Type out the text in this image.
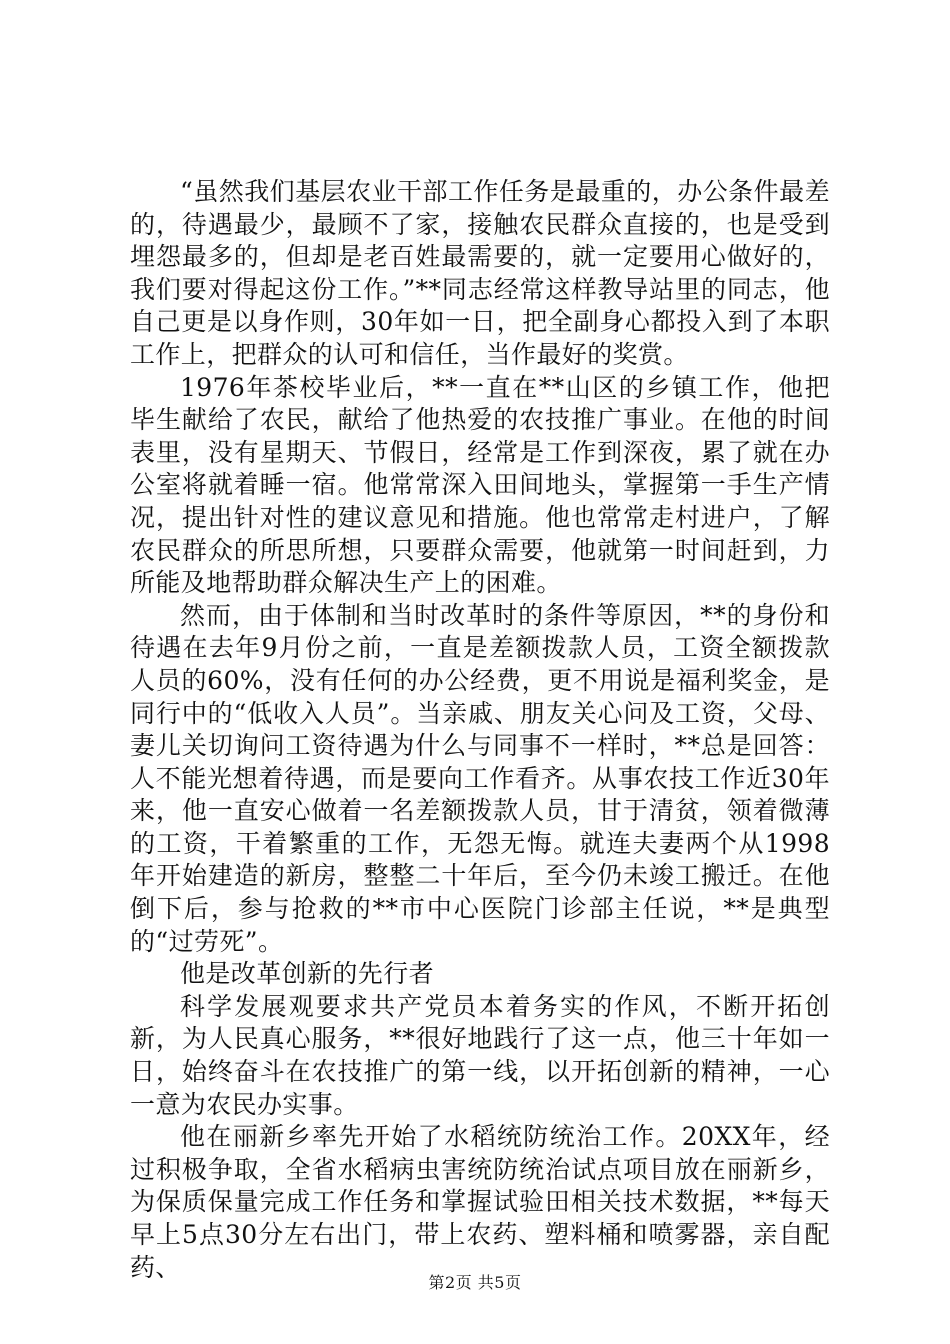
“虽然我们基层农业干部工作任务是最重的，办公条件最差的，待遇最少，最顾不了家，接触农民群众直接的，也是受到埋怨最多的，但却是老百姓最需要的，就一定要用心做好的，我们要对得起这份工作。”**同志经常这样教导站里的同志，他自己更是以身作则，30年如一日，把全副身心都投入到了本职工作上，把群众的认可和信任，当作最好的奖赏。

1976年茶校毕业后，**一直在**山区的乡镇工作，他把毕生献给了农民，献给了他热爱的农技推广事业。在他的时间表里，没有星期天、节假日，经常是工作到深夜，累了就在办公室将就着睡一宿。他常常深入田间地头，掌握第一手生产情况，提出针对性的建议意见和措施。他也常常走村进户，了解农民群众的所思所想，只要群众需要，他就第一时间赶到，力所能及地帮助群众解决生产上的困难。

然而，由于体制和当时改革时的条件等原因，**的身份和待遇在去年9月份之前，一直是差额拨款人员，工资全额拨款人员的60%，没有任何的办公经费，更不用说是福利奖金，是同行中的“低收入人员”。当亲戚、朋友关心问及工资，父母、妻儿关切询问工资待遇为什么与同事不一样时，**总是回答：人不能光想着待遇，而是要向工作看齐。从事农技工作近30年来，他一直安心做着一名差额拨款人员，甘于清贫，领着微薄的工资，干着繁重的工作，无怨无悔。就连夫妻两个从1998年开始建造的新房，整整二十年后，至今仍未竣工搬迁。在他倒下后，参与抢救的**市中心医院门诊部主任说，**是典型的“过劳死”。

他是改革创新的先行者

科学发展观要求共产党员本着务实的作风，不断开拓创新，为人民真心服务，**很好地践行了这一点，他三十年如一日，始终奋斗在农技推广的第一线，以开拓创新的精神，一心一意为农民办实事。

他在丽新乡率先开始了水稻统防统治工作。20XX年，经过积极争取，全省水稻病虫害统防统治试点项目放在丽新乡，为保质保量完成工作任务和掌握试验田相关技术数据，**每天早上5点30分左右出门，带上农药、塑料桶和喷雾器，亲自配药、

第2页 共5页
